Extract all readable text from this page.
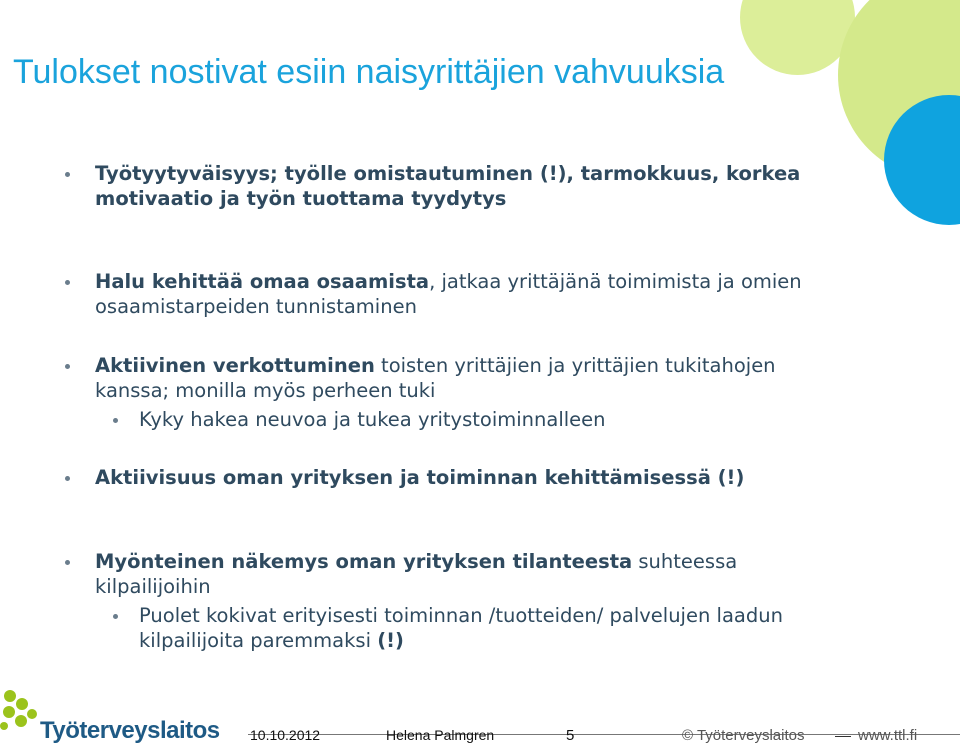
Tulokset nostivat esiin naisyrittäjien vahvuuksia
Työtyytyväisyys; työlle omistautuminen (!), tarmokkuus, korkea motivaatio ja työn tuottama tyydytys
Halu kehittää omaa osaamista, jatkaa yrittäjänä toimimista ja omien osaamistarpeiden tunnistaminen
Aktiivinen verkottuminen toisten yrittäjien ja yrittäjien tukitahojen kanssa; monilla myös perheen tuki
Kyky hakea neuvoa ja tukea yritystoiminnalleen
Aktiivisuus oman yrityksen ja toiminnan kehittämisessä (!)
Myönteinen näkemys oman yrityksen tilanteesta suhteessa kilpailijoihin
Puolet kokivat erityisesti toiminnan /tuotteiden/ palvelujen laadun kilpailijoita paremmaksi (!)
Työterveyslaitos 10.10.2012	Helena Palmgren	5	© Työterveyslaitos	www.ttl.fi
